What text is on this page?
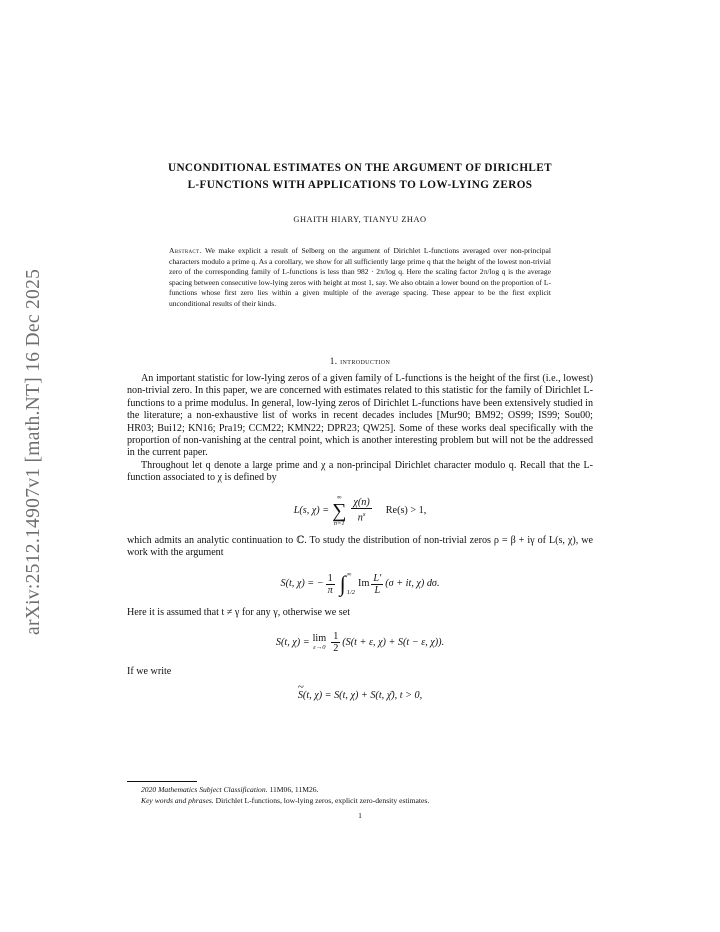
arXiv:2512.14907v1 [math.NT] 16 Dec 2025
UNCONDITIONAL ESTIMATES ON THE ARGUMENT OF DIRICHLET
L-FUNCTIONS WITH APPLICATIONS TO LOW-LYING ZEROS
GHAITH HIARY, TIANYU ZHAO
Abstract. We make explicit a result of Selberg on the argument of Dirichlet L-functions averaged over non-principal characters modulo a prime q. As a corollary, we show for all sufficiently large prime q that the height of the lowest non-trivial zero of the corresponding family of L-functions is less than 982 · 2π/log q. Here the scaling factor 2π/log q is the average spacing between consecutive low-lying zeros with height at most 1, say. We also obtain a lower bound on the proportion of L-functions whose first zero lies within a given multiple of the average spacing. These appear to be the first explicit unconditional results of their kinds.
1. introduction

An important statistic for low-lying zeros of a given family of L-functions is the height of the first (i.e., lowest) non-trivial zero. In this paper, we are concerned with estimates related to this statistic for the family of Dirichlet L-functions to a prime modulus. In general, low-lying zeros of Dirichlet L-functions have been extensively studied in the literature; a non-exhaustive list of works in recent decades includes [Mur90; BM92; OS99; IS99; Sou00; HR03; Bui12; KN16; Pra19; CCM22; KMN22; DPR23; QW25]. Some of these works deal specifically with the proportion of non-vanishing at the central point, which is another interesting problem but will not be the addressed in the current paper.

Throughout let q denote a large prime and χ a non-principal Dirichlet character modulo q. Recall that the L-function associated to χ is defined by

L(s, χ) =
∞
∑
$n=1 \frac{\chi(n)}{n^s} Re(s) > 1$,

which admits an analytic continuation to ℂ. To study the distribution of non-trivial zeros ρ = β + iγ of L(s, χ), we work with the argument

S(t, χ) = − $\frac{1}{\pi}$ ∫ ∞
1/2
Im $\frac{L'}{L} (\sigma$ + it, χ) dσ.

Here it is assumed that t ≠ γ for any γ, otherwise we set

S(t, χ) = lim
$\varepsilon\to 0 \frac{1}{2} (S(t + \varepsilon$, χ) + S(t − ε, χ)).

If we write

~ S (t, χ) = S(t, χ) + S(t, χ̄), t > 0,
2020 Mathematics Subject Classification. 11M06, 11M26.
Key words and phrases. Dirichlet L-functions, low-lying zeros, explicit zero-density estimates.
1
